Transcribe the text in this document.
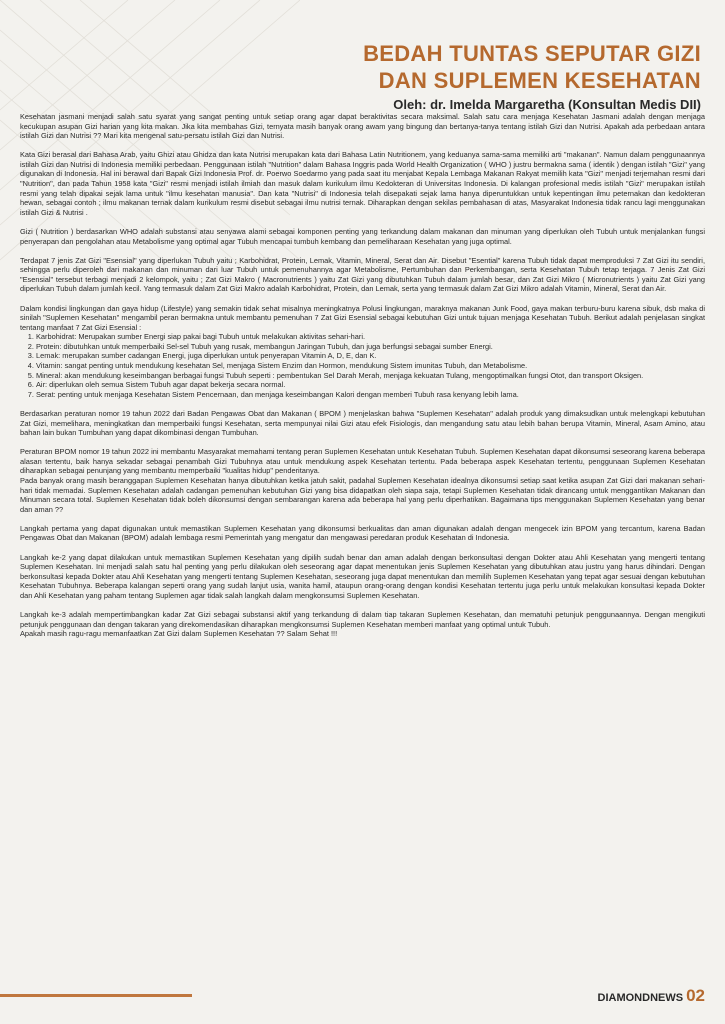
BEDAH TUNTAS SEPUTAR GIZI
DAN SUPLEMEN KESEHATAN
Oleh: dr. Imelda Margaretha (Konsultan Medis DII)

Kesehatan jasmani menjadi salah satu syarat yang sangat penting untuk setiap orang agar dapat beraktivitas secara maksimal. Salah satu cara menjaga Kesehatan Jasmani adalah dengan menjaga kecukupan asupan Gizi harian yang kita makan. Jika kita membahas Gizi, ternyata masih banyak orang awam yang bingung dan bertanya-tanya tentang istilah Gizi dan Nutrisi. Apakah ada perbedaan antara istilah Gizi dan Nutrisi ?? Mari kita mengenal satu-persatu istilah Gizi dan Nutrisi.

Kata Gizi berasal dari Bahasa Arab, yaitu Ghizi atau Ghidza dan kata Nutrisi merupakan kata dari Bahasa Latin Nutritionem, yang keduanya sama-sama memiliki arti "makanan". Namun dalam penggunaannya istilah Gizi dan Nutrisi di Indonesia memiliki perbedaan. Penggunaan istilah "Nutrition" dalam Bahasa Inggris pada World Health Organization ( WHO ) justru bermakna sama ( identik ) dengan istilah "Gizi" yang digunakan di Indonesia. Hal ini berawal dari Bapak Gizi Indonesia Prof. dr. Poerwo Soedarmo yang pada saat itu menjabat Kepala Lembaga Makanan Rakyat memilih kata "Gizi" menjadi terjemahan resmi dari "Nutrition", dan pada Tahun 1958 kata "Gizi" resmi menjadi istilah ilmiah dan masuk dalam kurikulum ilmu Kedokteran di Universitas Indonesia. Di kalangan profesional medis istilah "Gizi" merupakan istilah resmi yang telah dipakai sejak lama untuk "ilmu kesehatan manusia". Dan kata "Nutrisi" di Indonesia telah disepakati sejak lama hanya diperuntukkan untuk kepentingan ilmu peternakan dan kedokteran hewan, sebagai contoh ; ilmu makanan ternak dalam kurikulum resmi disebut sebagai ilmu nutrisi ternak. Diharapkan dengan sekilas pembahasan di atas, Masyarakat Indonesia tidak rancu lagi menggunakan istilah Gizi & Nutrisi .

Gizi ( Nutrition ) berdasarkan WHO adalah substansi atau senyawa alami sebagai komponen penting yang terkandung dalam makanan dan minuman yang diperlukan oleh Tubuh untuk menjalankan fungsi penyerapan dan pengolahan atau Metabolisme yang optimal agar Tubuh mencapai tumbuh kembang dan pemeliharaan Kesehatan yang juga optimal.

Terdapat 7 jenis Zat Gizi "Esensial" yang diperlukan Tubuh yaitu ; Karbohidrat, Protein, Lemak, Vitamin, Mineral, Serat dan Air. Disebut "Esential" karena Tubuh tidak dapat memproduksi 7 Zat Gizi itu sendiri, sehingga perlu diperoleh dari makanan dan minuman dari luar Tubuh untuk pemenuhannya agar Metabolisme, Pertumbuhan dan Perkembangan, serta Kesehatan Tubuh tetap terjaga. 7 Jenis Zat Gizi "Esensial" tersebut terbagi menjadi 2 kelompok, yaitu ; Zat Gizi Makro ( Macronutrients ) yaitu Zat Gizi yang dibutuhkan Tubuh dalam jumlah besar, dan Zat Gizi Mikro ( Micronutrients ) yaitu Zat Gizi yang diperlukan Tubuh dalam jumlah kecil. Yang termasuk dalam Zat Gizi Makro adalah Karbohidrat, Protein, dan Lemak, serta yang termasuk dalam Zat Gizi Mikro adalah Vitamin, Mineral, Serat dan Air.

Dalam kondisi lingkungan dan gaya hidup (Lifestyle) yang semakin tidak sehat misalnya meningkatnya Polusi lingkungan, maraknya makanan Junk Food, gaya makan terburu-buru karena sibuk, dsb maka di sinilah "Suplemen Kesehatan" mengambil peran bermakna untuk membantu pemenuhan 7 Zat Gizi Esensial sebagai kebutuhan Gizi untuk tujuan menjaga Kesehatan Tubuh. Berikut adalah penjelasan singkat tentang manfaat 7 Zat Gizi Esensial :

1. Karbohidrat: Merupakan sumber Energi siap pakai bagi Tubuh untuk melakukan aktivitas sehari-hari.
2. Protein: dibutuhkan untuk memperbaiki Sel-sel Tubuh yang rusak, membangun Jaringan Tubuh, dan juga berfungsi sebagai sumber Energi.
3. Lemak: merupakan sumber cadangan Energi, juga diperlukan untuk penyerapan Vitamin A, D, E, dan K.
4. Vitamin: sangat penting untuk mendukung kesehatan Sel, menjaga Sistem Enzim dan Hormon, mendukung Sistem imunitas Tubuh, dan Metabolisme.
5. Mineral: akan mendukung keseimbangan berbagai fungsi Tubuh seperti : pembentukan Sel Darah Merah, menjaga kekuatan Tulang, mengoptimalkan fungsi Otot, dan transport Oksigen.
6. Air: diperlukan oleh semua Sistem Tubuh agar dapat bekerja secara normal.
7. Serat: penting untuk menjaga Kesehatan Sistem Pencernaan, dan menjaga keseimbangan Kalori dengan memberi Tubuh rasa kenyang lebih lama.

Berdasarkan peraturan nomor 19 tahun 2022 dari Badan Pengawas Obat dan Makanan ( BPOM ) menjelaskan bahwa "Suplemen Kesehatan" adalah produk yang dimaksudkan untuk melengkapi kebutuhan Zat Gizi, memelihara, meningkatkan dan memperbaiki fungsi Kesehatan, serta mempunyai nilai Gizi atau efek Fisiologis, dan mengandung satu atau lebih bahan berupa Vitamin, Mineral, Asam Amino, atau bahan lain bukan Tumbuhan yang dapat dikombinasi dengan Tumbuhan.

Peraturan BPOM nomor 19 tahun 2022 ini membantu Masyarakat memahami tentang peran Suplemen Kesehatan untuk Kesehatan Tubuh. Suplemen Kesehatan dapat dikonsumsi seseorang karena beberapa alasan tertentu, baik hanya sekadar sebagai penambah Gizi Tubuhnya atau untuk mendukung aspek Kesehatan tertentu. Pada beberapa aspek Kesehatan tertentu, penggunaan Suplemen Kesehatan diharapkan sebagai penunjang yang membantu memperbaiki "kualitas hidup" penderitanya.

Pada banyak orang masih beranggapan Suplemen Kesehatan hanya dibutuhkan ketika jatuh sakit, padahal Suplemen Kesehatan idealnya dikonsumsi setiap saat ketika asupan Zat Gizi dari makanan sehari-hari tidak memadai. Suplemen Kesehatan adalah cadangan pemenuhan kebutuhan Gizi yang bisa didapatkan oleh siapa saja, tetapi Suplemen Kesehatan tidak dirancang untuk menggantikan Makanan dan Minuman secara total. Suplemen Kesehatan tidak boleh dikonsumsi dengan sembarangan karena ada beberapa hal yang perlu diperhatikan. Bagaimana tips menggunakan Suplemen Kesehatan yang benar dan aman ??

Langkah pertama yang dapat digunakan untuk memastikan Suplemen Kesehatan yang dikonsumsi berkualitas dan aman digunakan adalah dengan mengecek izin BPOM yang tercantum, karena Badan Pengawas Obat dan Makanan (BPOM) adalah lembaga resmi Pemerintah yang mengatur dan mengawasi peredaran produk Kesehatan di Indonesia.

Langkah ke-2 yang dapat dilakukan untuk memastikan Suplemen Kesehatan yang dipilih sudah benar dan aman adalah dengan berkonsultasi dengan Dokter atau Ahli Kesehatan yang mengerti tentang Suplemen Kesehatan. Ini menjadi salah satu hal penting yang perlu dilakukan oleh seseorang agar dapat menentukan jenis Suplemen Kesehatan yang dibutuhkan atau justru yang harus dihindari. Dengan berkonsultasi kepada Dokter atau Ahli Kesehatan yang mengerti tentang Suplemen Kesehatan, seseorang juga dapat menentukan dan memilih Suplemen Kesehatan yang tepat agar sesuai dengan kebutuhan Kesehatan Tubuhnya. Beberapa kalangan seperti orang yang sudah lanjut usia, wanita hamil, ataupun orang-orang dengan kondisi Kesehatan tertentu juga perlu untuk melakukan konsultasi kepada Dokter dan Ahli Kesehatan yang paham tentang Suplemen agar tidak salah langkah dalam mengkonsumsi Suplemen Kesehatan.

Langkah ke-3 adalah mempertimbangkan kadar Zat Gizi sebagai substansi aktif yang terkandung di dalam tiap takaran Suplemen Kesehatan, dan mematuhi petunjuk penggunaannya. Dengan mengikuti petunjuk penggunaan dan dengan takaran yang direkomendasikan diharapkan mengkonsumsi Suplemen Kesehatan memberi manfaat yang optimal untuk Tubuh.

Apakah masih ragu-ragu memanfaatkan Zat Gizi dalam Suplemen Kesehatan ?? Salam Sehat !!!

DIAMONDNEWS 02
